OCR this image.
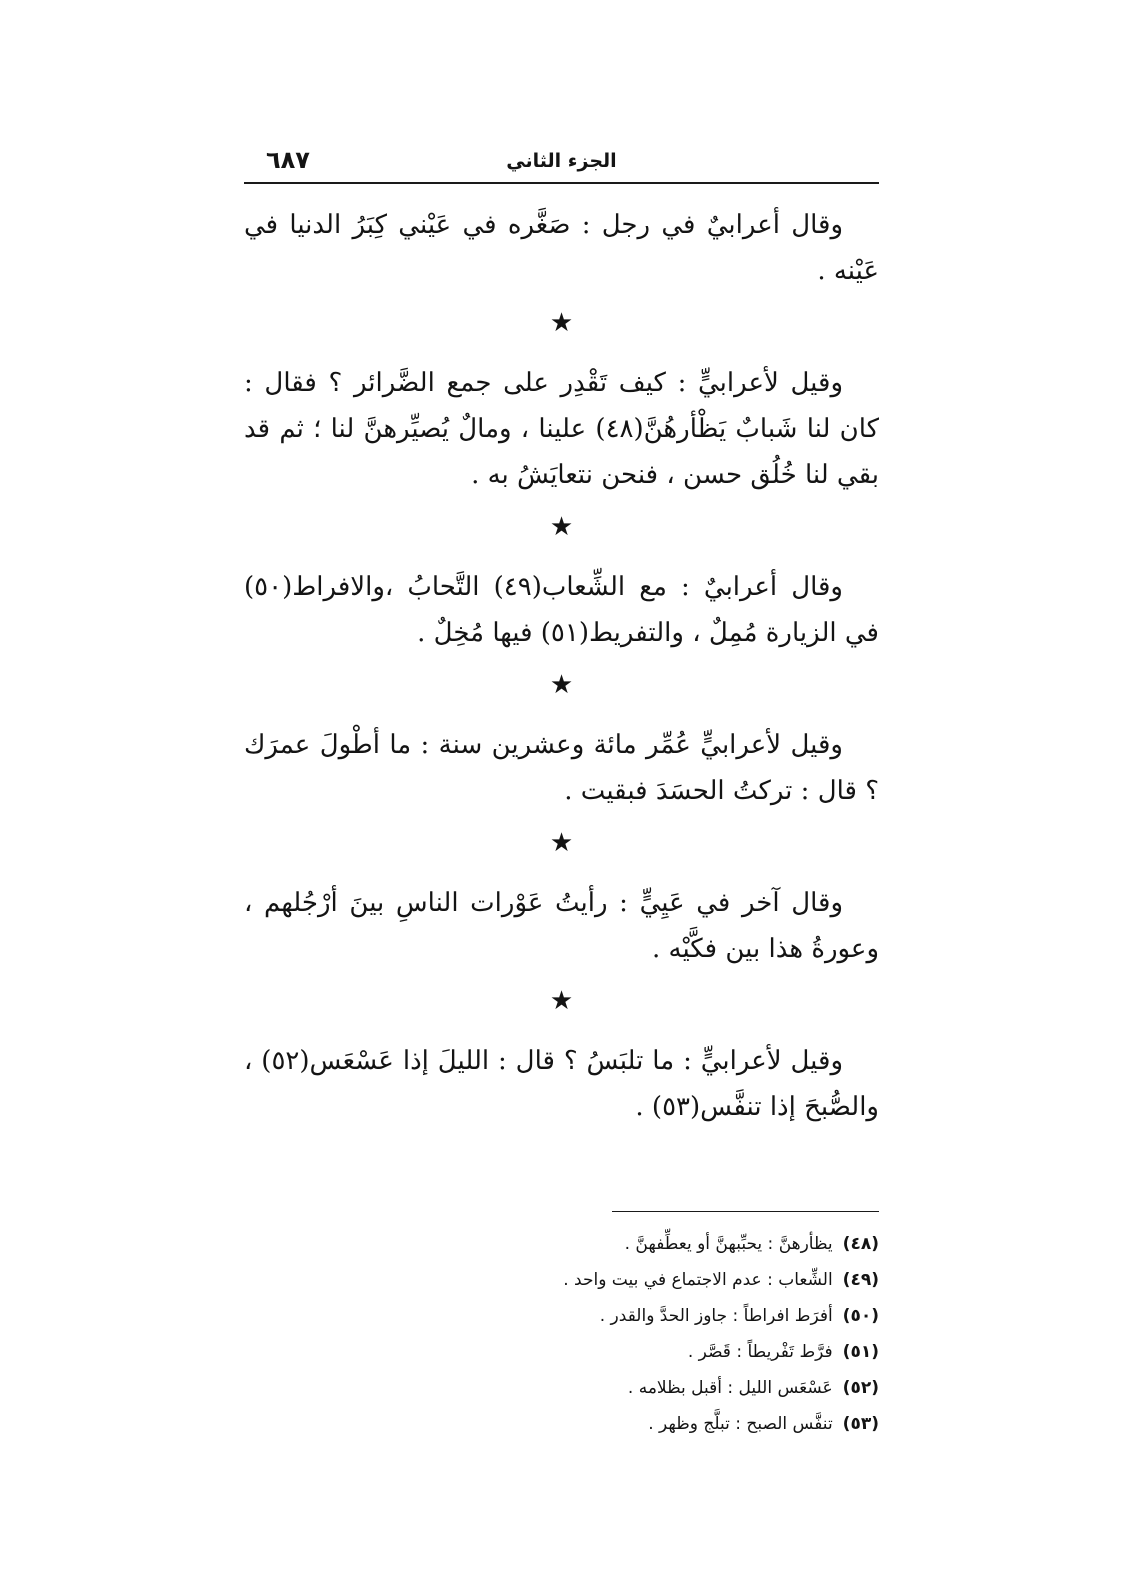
الجزء الثاني
٦٨٧
وقال أعرابيٌ في رجل : صَغَّره في عَيْني كِبَرُ الدنيا في عَيْنه .
★
وقيل لأعرابيٍّ : كيف تَقْدِر على جمع الضَّرائر ؟ فقال : كان لنا شَبابٌ يَظْأرهُنَّ(٤٨) علينا ، ومالٌ يُصيِّرهنَّ لنا ؛ ثم قد بقي لنا خُلُق حسن ، فنحن نتعايَشُ به .
★
وقال أعرابيٌ : مع الشِّعاب(٤٩) التَّحابُ ،والافراط(٥٠) في الزيارة مُمِلٌ ، والتفريط(٥١) فيها مُخِلٌ .
★
وقيل لأعرابيٍّ عُمِّر مائة وعشرين سنة : ما أطْولَ عمرَك ؟ قال : تركتُ الحسَدَ فبقيت .
★
وقال آخر في عَيِيٍّ : رأيتُ عَوْرات الناسِ بينَ أرْجُلهم ، وعورةُ هذا بين فكَّيْه .
★
وقيل لأعرابيٍّ : ما تلبَسُ ؟ قال : الليلَ إذا عَسْعَس(٥٢) ، والصُّبحَ إذا تنفَّس(٥٣) .
(٤٨)
يظأرهنَّ : يحبِّبهنَّ أو يعطِّفهنَّ .
(٤٩)
الشِّعاب : عدم الاجتماع في بيت واحد .
(٥٠)
أفرَط افراطاً : جاوز الحدَّ والقدر .
(٥١)
فرَّط تَفْريطاً : قَصَّر .
(٥٢)
عَسْعَس الليل : أقبل بظلامه .
(٥٣)
تنفَّس الصبح : تبلَّج وظهر .
